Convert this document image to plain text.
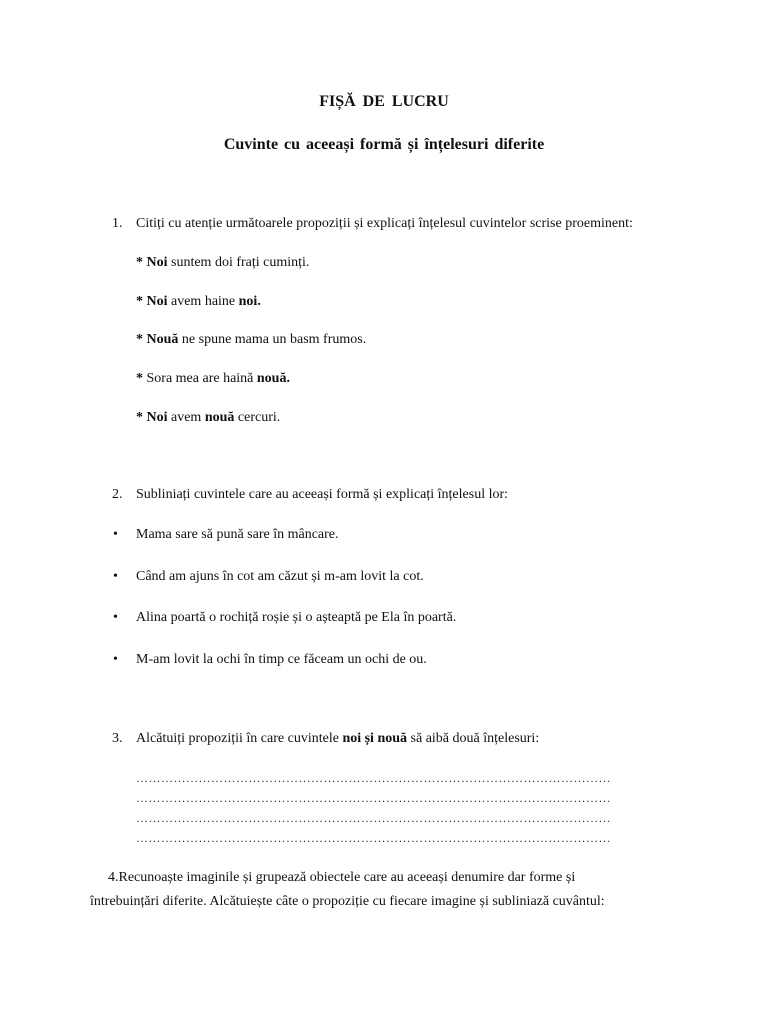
FIȘĂ DE LUCRU
Cuvinte cu aceeași formă și înțelesuri diferite
1. Citiți cu atenție următoarele propoziții și explicați înțelesul cuvintelor scrise proeminent:
* Noi suntem doi frați cuminți.
* Noi avem haine noi.
* Nouă ne spune mama un basm frumos.
* Sora mea are haină nouă.
* Noi avem nouă cercuri.
2. Subliniați cuvintele care au aceeași formă și explicați înțelesul lor:
• Mama sare să pună sare în mâncare.
• Când am ajuns în cot am căzut și m-am lovit la cot.
• Alina poartă o rochiță roșie și o așteaptă pe Ela în poartă.
• M-am lovit la ochi în timp ce făceam un ochi de ou.
3. Alcătuiți propoziții în care cuvintele noi și nouă să aibă două înțelesuri:
……………………………………………………………………………………………………
……………………………………………………………………………………………………
……………………………………………………………………………………………………
……………………………………………………………………………………………………
4.Recunoaște imaginile și grupează obiectele care au aceeași denumire dar forme și
întrebuințări diferite. Alcătuiește câte o propoziție cu fiecare imagine și subliniază cuvântul:
